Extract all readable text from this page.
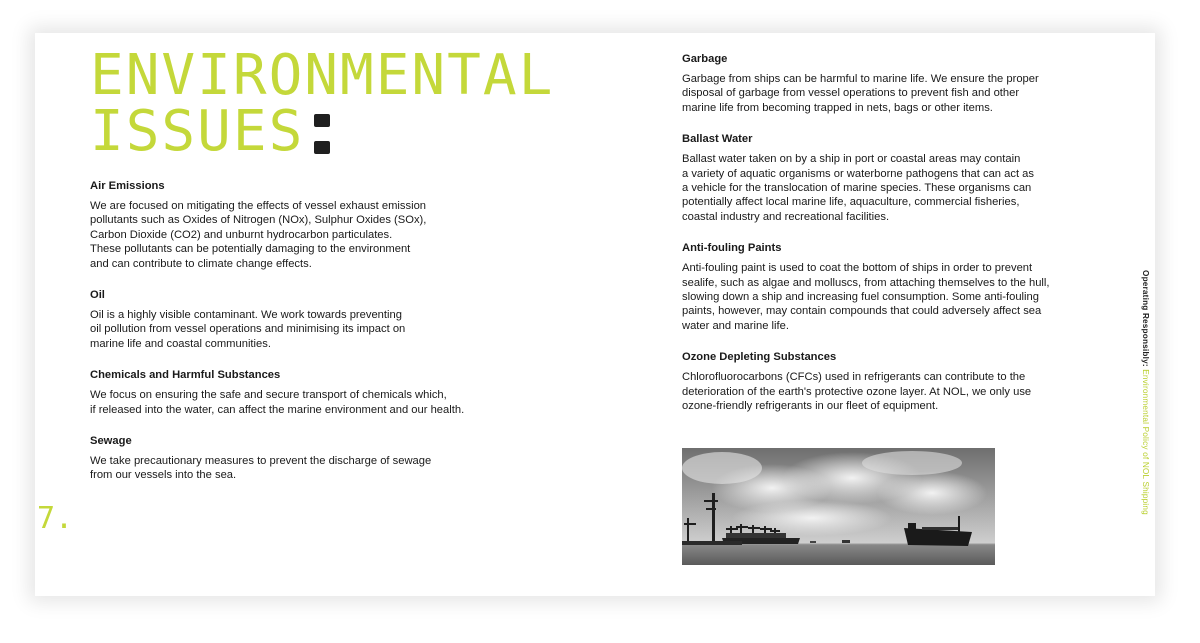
ENVIRONMENTAL
ISSUES
Air Emissions

We are focused on mitigating the effects of vessel exhaust emission
pollutants such as Oxides of Nitrogen (NOx), Sulphur Oxides (SOx),
Carbon Dioxide (CO2) and unburnt hydrocarbon particulates.
These pollutants can be potentially damaging to the environment
and can contribute to climate change effects.

Oil

Oil is a highly visible contaminant. We work towards preventing
oil pollution from vessel operations and minimising its impact on
marine life and coastal communities.

Chemicals and Harmful Substances

We focus on ensuring the safe and secure transport of chemicals which,
if released into the water, can affect the marine environment and our health.

Sewage

We take precautionary measures to prevent the discharge of sewage
from our vessels into the sea.

Garbage

Garbage from ships can be harmful to marine life. We ensure the proper
disposal of garbage from vessel operations to prevent fish and other
marine life from becoming trapped in nets, bags or other items.

Ballast Water

Ballast water taken on by a ship in port or coastal areas may contain
a variety of aquatic organisms or waterborne pathogens that can act as
a vehicle for the translocation of marine species. These organisms can
potentially affect local marine life, aquaculture, commercial fisheries,
coastal industry and recreational facilities.

Anti-fouling Paints

Anti-fouling paint is used to coat the bottom of ships in order to prevent
sealife, such as algae and molluscs, from attaching themselves to the hull,
slowing down a ship and increasing fuel consumption. Some anti-fouling
paints, however, may contain compounds that could adversely affect sea
water and marine life.

Ozone Depleting Substances

Chlorofluorocarbons (CFCs) used in refrigerants can contribute to the
deterioration of the earth's protective ozone layer. At NOL, we only use
ozone-friendly refrigerants in our fleet of equipment.

7.
Operating Responsibly: Environmental Policy of NOL Shipping
